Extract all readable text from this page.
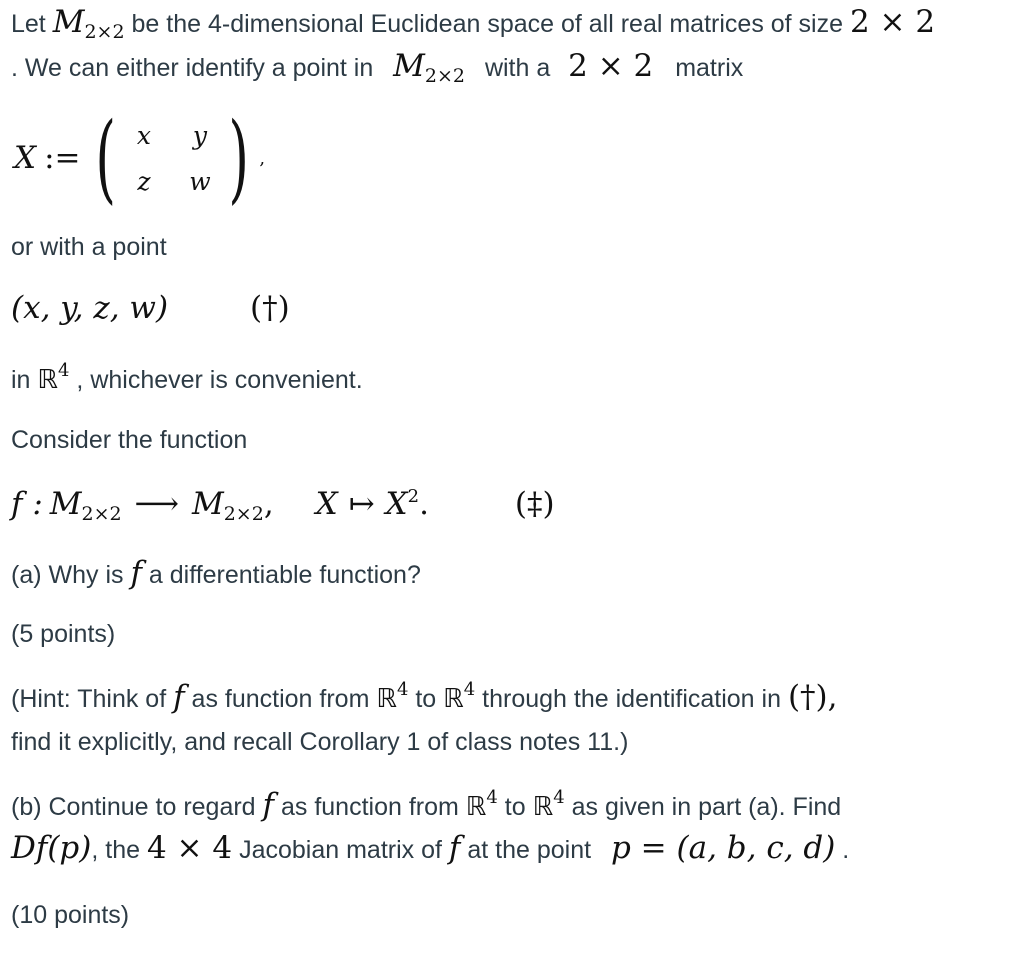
Let $M_{2\times 2}$ be the 4-dimensional Euclidean space of all real matrices of size 2 × 2
. We can either identify a point in $M_{2\times 2}$ with a 2 × 2 matrix
X := ( x y
z w ) ,
or with a point
(x, y, z, w)	(†)
in ℝ$^4$ , whichever is convenient.
Consider the function
f : $M_{2\times 2}$ ⟶ $M_{2\times 2}$, X ↦ $X^2$.	(‡)
(a) Why is f a differentiable function?
(5 points)
(Hint: Think of f as function from ℝ$^4$ to ℝ$^4$ through the identification in (†),
find it explicitly, and recall Corollary 1 of class notes 11.)
(b) Continue to regard f as function from ℝ$^4$ to ℝ$^4$ as given in part (a). Find
Df(p), the 4 × 4 Jacobian matrix of f at the point p = (a, b, c, d) .
(10 points)
